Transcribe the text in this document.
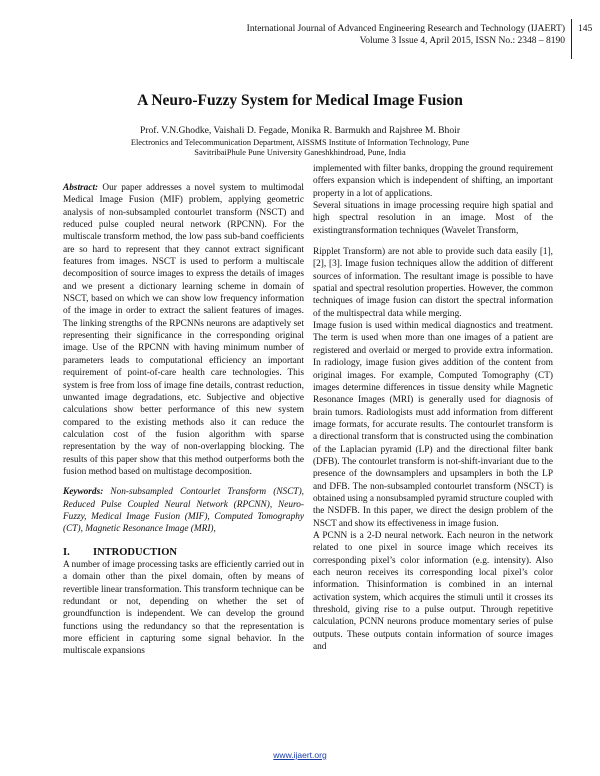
International Journal of Advanced Engineering Research and Technology (IJAERT)
Volume 3 Issue 4, April 2015, ISSN No.: 2348 – 8190
145
A Neuro-Fuzzy System for Medical Image Fusion
Prof. V.N.Ghodke, Vaishali D. Fegade, Monika R. Barmukh and Rajshree M. Bhoir
Electronics and Telecommunication Department, AISSMS Institute of Information Technology, Pune
SavitribaiPhule Pune University Ganeshkhindroad, Pune, India

Abstract: Our paper addresses a novel system to multimodal Medical Image Fusion (MIF) problem, applying geometric analysis of non-subsampled contourlet transform (NSCT) and reduced pulse coupled neural network (RPCNN). For the multiscale transform method, the low pass sub-band coefficients are so hard to represent that they cannot extract significant features from images. NSCT is used to perform a multiscale decomposition of source images to express the details of images and we present a dictionary learning scheme in domain of NSCT, based on which we can show low frequency information of the image in order to extract the salient features of images. The linking strengths of the RPCNNs neurons are adaptively set representing their significance in the corresponding original image. Use of the RPCNN with having minimum number of parameters leads to computational efficiency an important requirement of point-of-care health care technologies. This system is free from loss of image fine details, contrast reduction, unwanted image degradations, etc. Subjective and objective calculations show better performance of this new system compared to the existing methods also it can reduce the calculation cost of the fusion algorithm with sparse representation by the way of non-overlapping blocking. The results of this paper show that this method outperforms both the fusion method based on multistage decomposition.

Keywords: Non-subsampled Contourlet Transform (NSCT), Reduced Pulse Coupled Neural Network (RPCNN), Neuro-Fuzzy, Medical Image Fusion (MIF), Computed Tomography (CT), Magnetic Resonance Image (MRI),

I. INTRODUCTION

A number of image processing tasks are efficiently carried out in a domain other than the pixel domain, often by means of revertible linear transformation. This transform technique can be redundant or not, depending on whether the set of groundfunction is independent. We can develop the ground functions using the redundancy so that the representation is more efficient in capturing some signal behavior. In the multiscale expansions

implemented with filter banks, dropping the ground requirement offers expansion which is independent of shifting, an important property in a lot of applications.

Several situations in image processing require high spatial and high spectral resolution in an image. Most of the existingtransformation techniques (Wavelet Transform,

Ripplet Transform) are not able to provide such data easily [1], [2], [3]. Image fusion techniques allow the addition of different sources of information. The resultant image is possible to have spatial and spectral resolution properties. However, the common techniques of image fusion can distort the spectral information of the multispectral data while merging.

Image fusion is used within medical diagnostics and treatment. The term is used when more than one images of a patient are registered and overlaid or merged to provide extra information. In radiology, image fusion gives addition of the content from original images. For example, Computed Tomography (CT) images determine differences in tissue density while Magnetic Resonance Images (MRI) is generally used for diagnosis of brain tumors. Radiologists must add information from different image formats, for accurate results. The contourlet transform is a directional transform that is constructed using the combination of the Laplacian pyramid (LP) and the directional filter bank (DFB). The contourlet transform is not-shift-invariant due to the presence of the downsamplers and upsamplers in both the LP and DFB. The non-subsampled contourlet transform (NSCT) is obtained using a nonsubsampled pyramid structure coupled with the NSDFB. In this paper, we direct the design problem of the NSCT and show its effectiveness in image fusion.

A PCNN is a 2-D neural network. Each neuron in the network related to one pixel in source image which receives its corresponding pixel’s color information (e.g. intensity). Also each neuron receives its corresponding local pixel’s color information. Thisinformation is combined in an internal activation system, which acquires the stimuli until it crosses its threshold, giving rise to a pulse output. Through repetitive calculation, PCNN neurons produce momentary series of pulse outputs. These outputs contain information of source images and

www.ijaert.org
